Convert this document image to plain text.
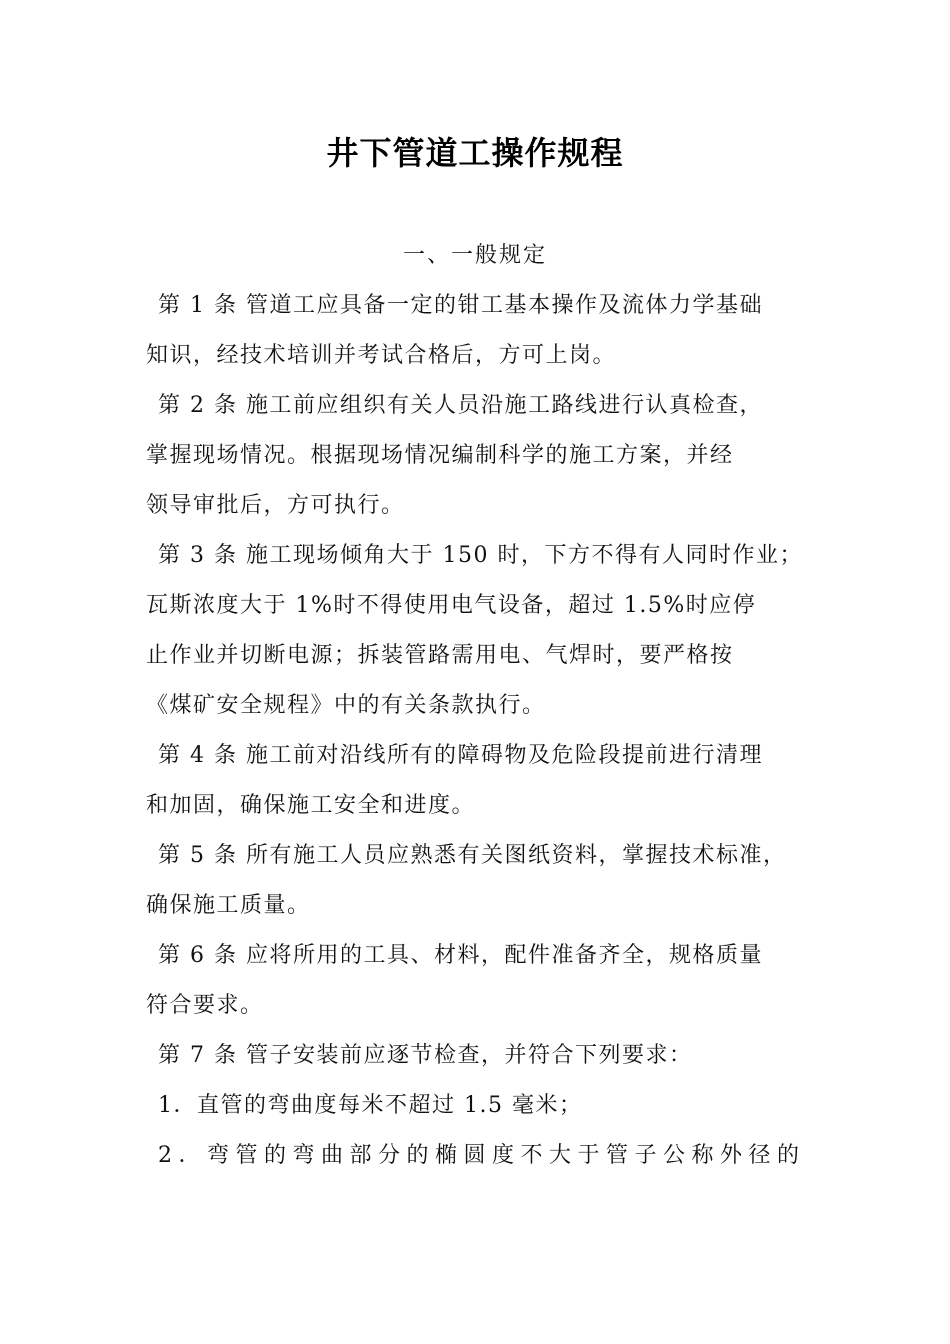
井下管道工操作规程
一、一般规定
第 1 条 管道工应具备一定的钳工基本操作及流体力学基础
知识，经技术培训并考试合格后，方可上岗。
第 2 条 施工前应组织有关人员沿施工路线进行认真检查，
掌握现场情况。根据现场情况编制科学的施工方案，并经
领导审批后，方可执行。
第 3 条 施工现场倾角大于 150 时，下方不得有人同时作业；
瓦斯浓度大于 1%时不得使用电气设备，超过 1.5%时应停
止作业并切断电源；拆装管路需用电、气焊时，要严格按
《煤矿安全规程》中的有关条款执行。
第 4 条 施工前对沿线所有的障碍物及危险段提前进行清理
和加固，确保施工安全和进度。
第 5 条 所有施工人员应熟悉有关图纸资料，掌握技术标准，
确保施工质量。
第 6 条 应将所用的工具、材料，配件准备齐全，规格质量
符合要求。
第 7 条 管子安装前应逐节检查，并符合下列要求：
1．直管的弯曲度每米不超过 1.5 毫米；
2．弯管的弯曲部分的椭圆度不大于管子公称外径的
